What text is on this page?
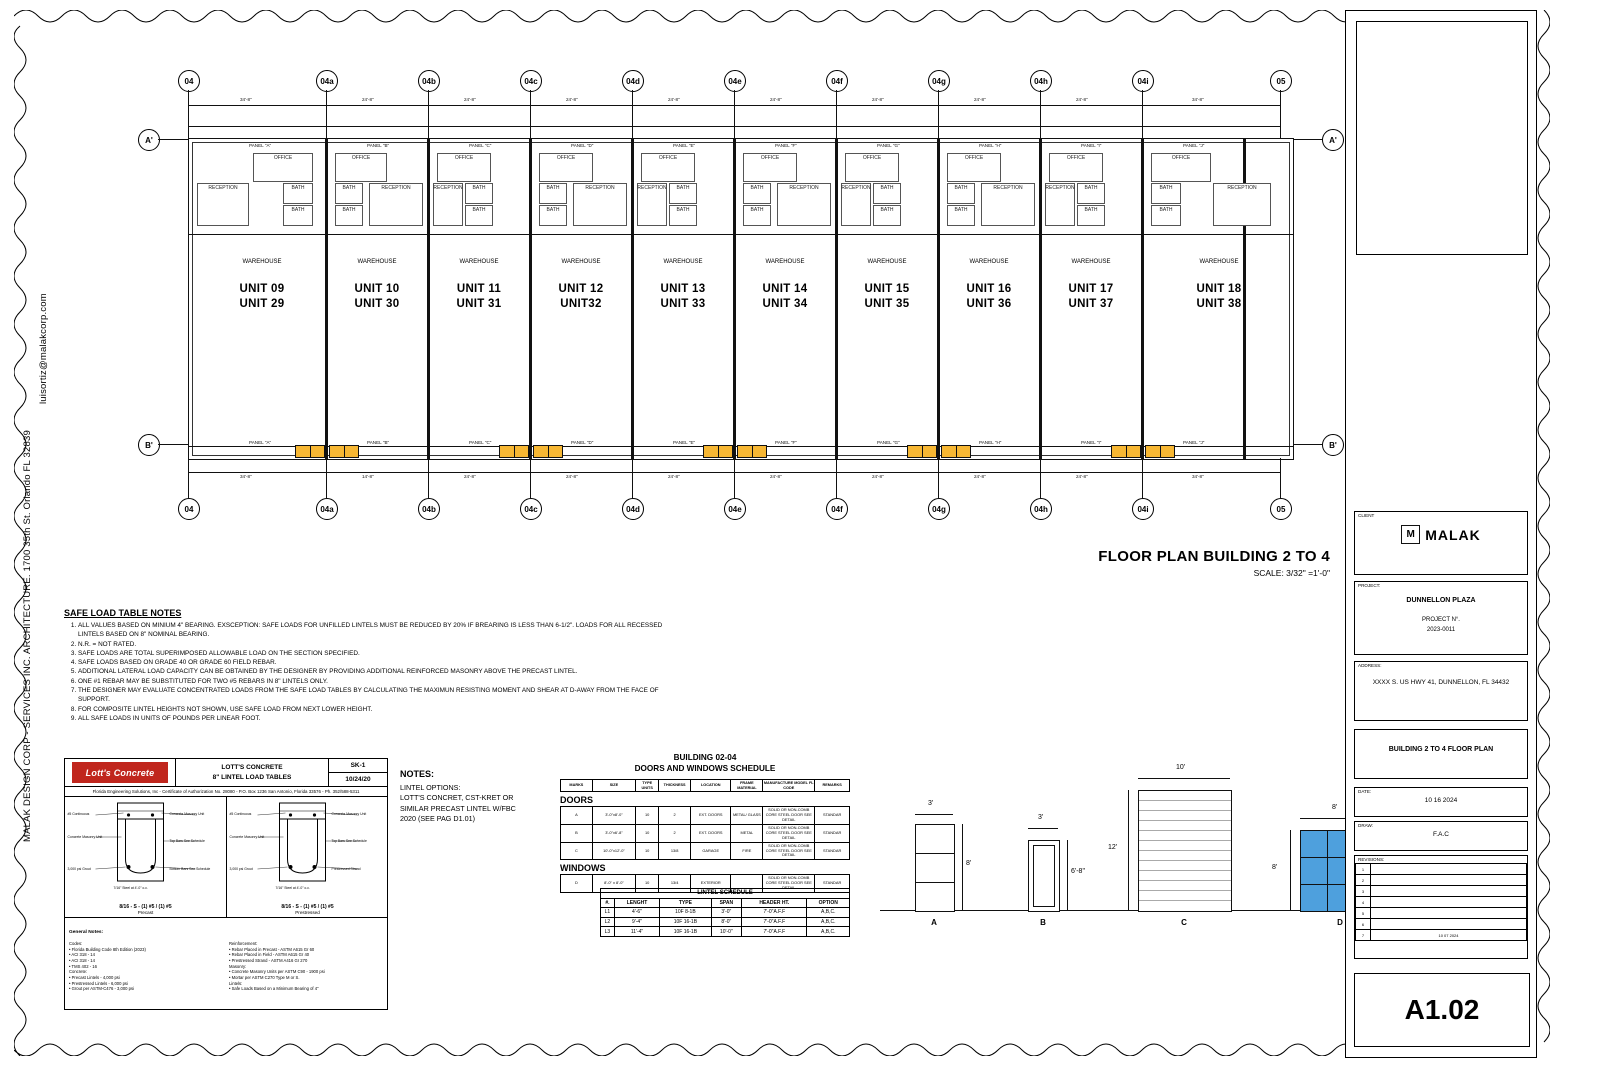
MALAK DESIGN CORP - SERVICES INC. ARCHITECTURE. 1700 35th St. Orlando FL 32839
luisortiz@malakcorp.com
04	04a	04b	04c	04d	04e	04f	04g	04h	04i	05
34'-8"	24'-8"	24'-8"	24'-8"	24'-8"	24'-8"	24'-8"	24'-8"	24'-8"	34'-8"
A'
B'
A'
B'
OFFICE
BATH
BATH
RECEPTION
OFFICE
BATH
BATH
RECEPTION
OFFICE
BATH
BATH
RECEPTION
OFFICE
BATH
BATH
RECEPTION
OFFICE
BATH
BATH
RECEPTION
OFFICE
BATH
BATH
RECEPTION
OFFICE
BATH
BATH
RECEPTION
OFFICE
BATH
BATH
RECEPTION
OFFICE
BATH
BATH
RECEPTION
OFFICE
BATH
BATH
RECEPTION
WAREHOUSE
UNIT 09
UNIT 29
WAREHOUSE
UNIT 10
UNIT 30
WAREHOUSE
UNIT 11
UNIT 31
WAREHOUSE
UNIT 12
UNIT32
WAREHOUSE
UNIT 13
UNIT 33
WAREHOUSE
UNIT 14
UNIT 34
WAREHOUSE
UNIT 15
UNIT 35
WAREHOUSE
UNIT 16
UNIT 36
WAREHOUSE
UNIT 17
UNIT 37
WAREHOUSE
UNIT 18
UNIT 38
PANEL "A"	PANEL "B"	PANEL "C"	PANEL "D"	PANEL "E"	PANEL "F"	PANEL "G"	PANEL "H"	PANEL "I"	PANEL "J"
PANEL "A"	PANEL "B"	PANEL "C"	PANEL "D"	PANEL "E"	PANEL "F"	PANEL "G"	PANEL "H"	PANEL "I"	PANEL "J"
34'-8"	14'-8"	24'-8"	24'-8"	24'-8"	24'-8"	24'-8"	24'-8"	24'-8"	34'-8"
04	04a	04b	04c	04d	04e	04f	04g	04h	04i	05
FLOOR PLAN BUILDING 2 TO 4
SCALE: 3/32" =1'-0"
SAFE LOAD TABLE NOTES
1. ALL VALUES BASED ON MINIUM 4" BEARING. EXSCEPTION: SAFE LOADS FOR UNFILLED LINTELS MUST BE REDUCED BY 20% IF BREARING IS LESS THAN 6-1/2". LOADS FOR ALL RECESSED LINTELS BASED ON 8" NOMINAL BEARING.
2. N.R. = NOT RATED.
3. SAFE LOADS ARE TOTAL SUPERIMPOSED ALLOWABLE LOAD ON THE SECTION SPECIFIED.
4. SAFE LOADS BASED ON GRADE 40 OR GRADE 60 FIELD REBAR.
5. ADDITIONAL LATERAL LOAD CAPACITY CAN BE OBTAINED BY THE DESIGNER BY PROVIDING ADDITIONAL REINFORCED MASONRY ABOVE THE PRECAST LINTEL.
6. ONE #1 REBAR MAY BE SUBSTITUTED FOR TWO #5 REBARS IN 8" LINTELS ONLY.
7. THE DESIGNER MAY EVALUATE CONCENTRATED LOADS FROM THE SAFE LOAD TABLES BY CALCULATING THE MAXIMUN RESISTING MOMENT AND SHEAR AT D-AWAY FROM THE FACE OF SUPPORT.
8. FOR COMPOSITE LINTEL HEIGHTS NOT SHOWN, USE SAFE LOAD FROM NEXT LOWER HEIGHT.
9. ALL SAFE LOADS IN UNITS OF POUNDS PER LINEAR FOOT.
Lott's Concrete
LOTT'S CONCRETE
8" LINTEL LOAD TABLES
SK-1
10/24/20
Florida Engineering Solutions, Inc - Certificate of Authorization No. 28080 - P.O. Box 1236 San Antonio, Florida 33576 - Ph. 352/588-5311
#5 Continuous
Concrete Masonry Unit
3,000 psi Grout
Concrete Masonry Unit
Top Bars See Schedule
Bottom Bars See Schedule
7/16" Steel at 4'-0" o.c.
8/16 - S - (1) #5 / (1) #5
Precast
#5 Continuous
Concrete Masonry Unit
3,000 psi Grout
Concrete Masonry Unit
Top Bars See Schedule
Prestressed Strand
7/16" Steel at 4'-0" o.c.
8/16 - S - (1) #5 / (1) #5
Prestressed
General Notes:
Codes:
• Florida Building Code 8th Edition (2023)
• ACI 318 - 14
• ACI 318 - 14
• TMS 402 - 16
Concrete:
• Precast Lintels - 4,000 psi
• Prestressed Lintels - 6,000 psi
• Grout per ASTM-C476 - 3,000 psi
Reinforcement:
• Rebar Placed in Precast - ASTM A615 Gr 60
• Rebar Placed in Field - ASTM A615 Gr 40
• Prestressed Strand - ASTM A416 Gr 270
Masonry:
• Concrete Masonry Units per ASTM C90 - 1900 psi
• Mortar per ASTM C270 Type M or S.
Lintels:
• Safe Loads Based on a Minimum Bearing of 4"
NOTES:
LINTEL OPTIONS:
LOTT'S CONCRET, CST-KRET OR
SIMILAR PRECAST LINTEL W/FBC
2020 (SEE PAG D1.01)
BUILDING 02-04
DOORS AND WINDOWS SCHEDULE
MARKS	SIZE	TYPE UNITS	THICKNESS	LOCATION	FRAME MATERIAL	MANUFACTURE MODEL FL CODE	REMARKS
DOORS
A	3'-0"x8'-0"	10	2	EXT. DOORS	METAL/ GLASS	SOLID OR NON-COMB CORE STEEL DOOR SEE DETAIL	STANDAR
B	3'-0"x6'-8"	10	2	EXT. DOORS	METAL	SOLID OR NON-COMB CORE STEEL DOOR SEE DETAIL	STANDAR
C	10'-0"x12'-0"	10	13/8	GARAGE	FIRE	SOLID OR NON-COMB CORE STEEL DOOR SEE DETAIL	STANDAR
WINDOWS
D	8'-0" x 8'-0"	10	13/4	EXTERIOR		SOLID OR NON-COMB CORE STEEL DOOR SEE DETAIL	STANDAR
LINTEL SCHEDULE					
#.	LENGHT	TYPE	SPAN	HEADER HT.	OPTION
L1	4'-6"	10F 8-1B	3'-0"	7'-0"A.F.F	A,B,C.
L2	9'-4"	10F 16-1B	8'-0"	7'-0"A.F.F	A,B,C.
L3	11'-4"	10F 16-1B	10'-0"	7'-0"A.F.F	A,B,C.
3'
8'
A
3'
6'-8"
B
10'
12'
C
8'
8'
D
CLIENT
M MALAK
PROJECT:
DUNNELLON PLAZA
PROJECT N°.
2023-0011
ADDRESS:
XXXX S. US HWY 41, DUNNELLON, FL 34432
BUILDING 2 TO 4 FLOOR PLAN
DATE:
10 16 2024
DRAW:
F.A.C
REVISIONS:
1	
2	
3	
4	
5	
6	
7	10 07 2024
A1.02
